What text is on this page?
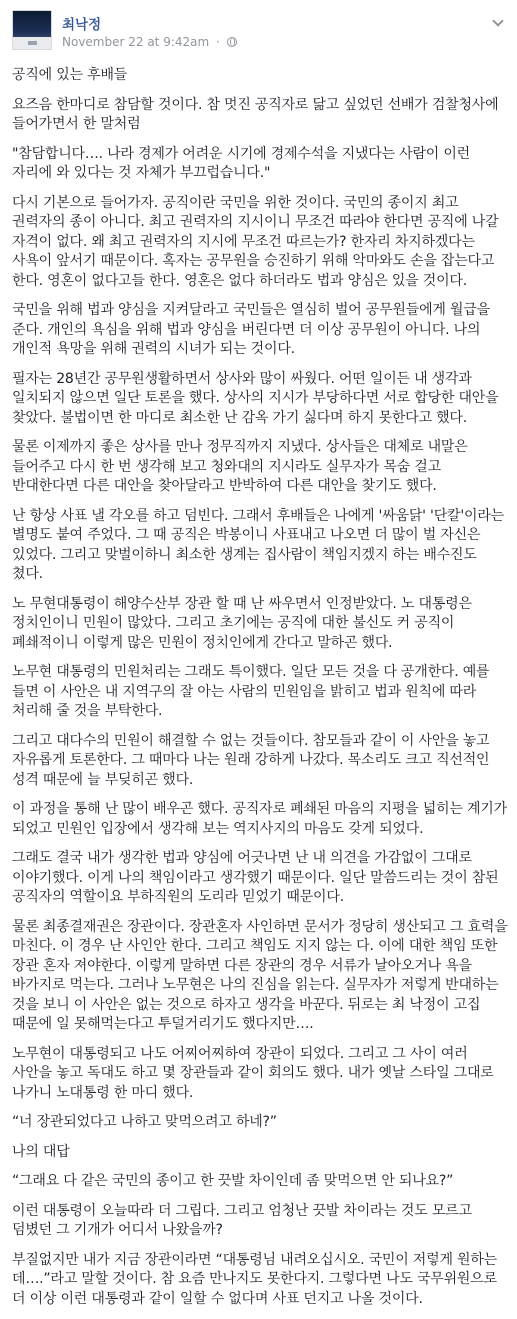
최낙정
November 22 at 9:42am ·

공직에 있는 후배들

요즈음 한마디로 참담할 것이다. 참 멋진 공직자로 닮고 싶었던 선배가 검찰청사에 들어가면서 한 말처럼

"참담합니다…. 나라 경제가 어려운 시기에 경제수석을 지냈다는 사람이 이런 자리에 와 있다는 것 자체가 부끄럽습니다."

다시 기본으로 들어가자. 공직이란 국민을 위한 것이다. 국민의 종이지 최고 권력자의 종이 아니다. 최고 권력자의 지시이니 무조건 따라야 한다면 공직에 나갈 자격이 없다. 왜 최고 권력자의 지시에 무조건 따르는가? 한자리 차지하겠다는 사욕이 앞서기 때문이다. 혹자는 공무원을 승진하기 위해 악마와도 손을 잡는다고 한다. 영혼이 없다고들 한다. 영혼은 없다 하더라도 법과 양심은 있을 것이다.

국민을 위해 법과 양심을 지켜달라고 국민들은 열심히 벌어 공무원들에게 월급을 준다. 개인의 욕심을 위해 법과 양심을 버린다면 더 이상 공무원이 아니다. 나의 개인적 욕망을 위해 권력의 시녀가 되는 것이다.

필자는 28년간 공무원생활하면서 상사와 많이 싸웠다. 어떤 일이든 내 생각과 일치되지 않으면 일단 토론을 했다. 상사의 지시가 부당하다면 서로 합당한 대안을 찾았다. 불법이면 한 마디로 최소한 난 감옥 가기 싫다며 하지 못한다고 했다.

물론 이제까지 좋은 상사를 만나 정무직까지 지냈다. 상사들은 대체로 내말은 들어주고 다시 한 번 생각해 보고 청와대의 지시라도 실무자가 목숨 걸고 반대한다면 다른 대안을 찾아달라고 반박하여 다른 대안을 찾기도 했다.

난 항상 사표 낼 각오를 하고 덤빈다. 그래서 후배들은 나에게 '싸움닭' '단칼'이라는 별명도 붙여 주었다. 그 때 공직은 박봉이니 사표내고 나오면 더 많이 벌 자신은 있었다. 그리고 맞벌이하니 최소한 생계는 집사람이 책임지겠지 하는 배수진도 쳤다.

노 무현대통령이 해양수산부 장관 할 때 난 싸우면서 인정받았다. 노 대통령은 정치인이니 민원이 많았다. 그리고 초기에는 공직에 대한 불신도 커 공직이 폐쇄적이니 이렇게 많은 민원이 정치인에게 간다고 말하곤 했다.

노무현 대통령의 민원처리는 그래도 특이했다. 일단 모든 것을 다 공개한다. 예를 들면 이 사안은 내 지역구의 잘 아는 사람의 민원임을 밝히고 법과 원칙에 따라 처리해 줄 것을 부탁한다.

그리고 대다수의 민원이 해결할 수 없는 것들이다. 참모들과 같이 이 사안을 놓고 자유롭게 토론한다. 그 때마다 나는 원래 강하게 나갔다. 목소리도 크고 직선적인 성격 때문에 늘 부딪히곤 했다.

이 과정을 통해 난 많이 배우곤 했다. 공직자로 폐쇄된 마음의 지평을 넓히는 계기가 되었고 민원인 입장에서 생각해 보는 역지사지의 마음도 갖게 되었다.

그래도 결국 내가 생각한 법과 양심에 어긋나면 난 내 의견을 가감없이 그대로 이야기했다. 이게 나의 책임이라고 생각했기 때문이다. 일단 말씀드리는 것이 참된 공직자의 역할이요 부하직원의 도리라 믿었기 때문이다.

물론 최종결재권은 장관이다. 장관혼자 사인하면 문서가 정당히 생산되고 그 효력을 마친다. 이 경우 난 사인안 한다. 그리고 책임도 지지 않는 다. 이에 대한 책임 또한 장관 혼자 져야한다. 이렇게 말하면 다른 장관의 경우 서류가 날아오거나 욕을 바가지로 먹는다. 그러나 노무현은 나의 진심을 읽는다. 실무자가 저렇게 반대하는 것을 보니 이 사안은 없는 것으로 하자고 생각을 바꾼다. 뒤로는 최 낙정이 고집 때문에 일 못해먹는다고 투덜거리기도 했다지만….

노무현이 대통령되고 나도 어찌어찌하여 장관이 되었다. 그리고 그 사이 여러 사안을 놓고 독대도 하고 몇 장관들과 같이 회의도 했다. 내가 옛날 스타일 그대로 나가니 노대통령 한 마디 했다.

“너 장관되었다고 나하고 맞먹으려고 하네?”

나의 대답

“그래요 다 같은 국민의 종이고 한 끗발 차이인데 좀 맞먹으면 안 되나요?”

이런 대통령이 오늘따라 더 그립다. 그리고 엄청난 끗발 차이라는 것도 모르고 덤볐던 그 기개가 어디서 나왔을까?

부질없지만 내가 지금 장관이라면 “대통령님 내려오십시오. 국민이 저렇게 원하는 데….”라고 말할 것이다. 참 요즘 만나지도 못한다지. 그렇다면 나도 국무위원으로 더 이상 이런 대통령과 같이 일할 수 없다며 사표 던지고 나올 것이다.
